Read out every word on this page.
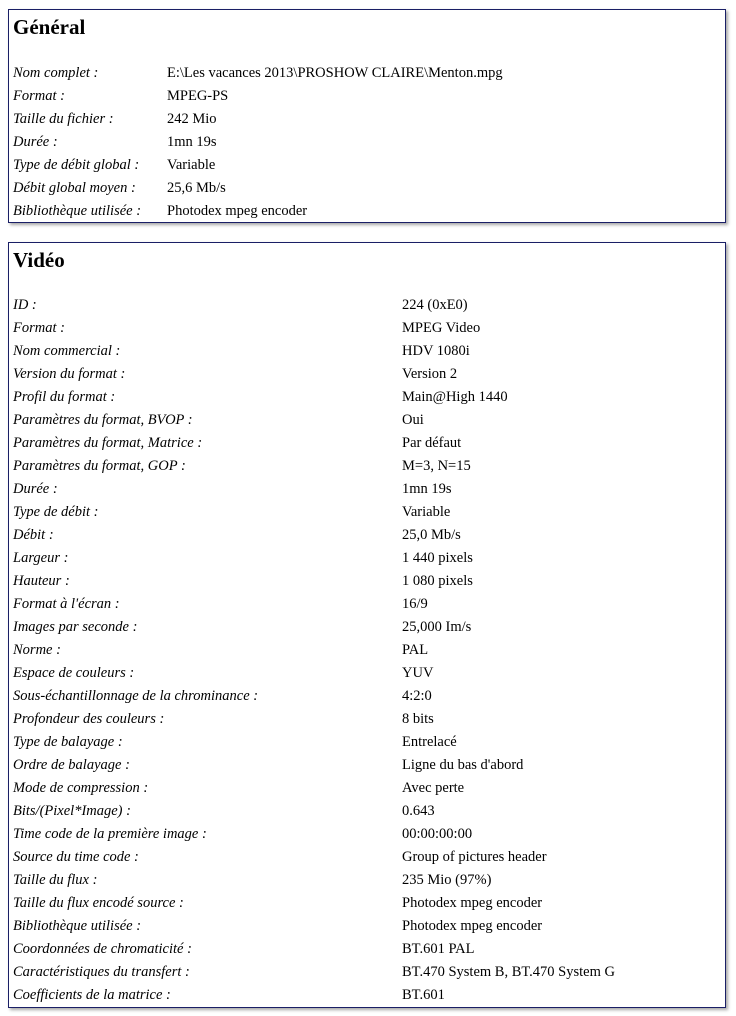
Général
Nom complet :	E:\Les vacances 2013\PROSHOW CLAIRE\Menton.mpg
Format :	MPEG-PS
Taille du fichier :	242 Mio
Durée :	1mn 19s
Type de débit global : Variable
Débit global moyen : 25,6 Mb/s
Bibliothèque utilisée : Photodex mpeg encoder
Vidéo
ID :	224 (0xE0)
Format :	MPEG Video
Nom commercial :	HDV 1080i
Version du format :	Version 2
Profil du format :	Main@High 1440
Paramètres du format, BVOP :	Oui
Paramètres du format, Matrice :	Par défaut
Paramètres du format, GOP :	M=3, N=15
Durée :	1mn 19s
Type de débit :	Variable
Débit :	25,0 Mb/s
Largeur :	1 440 pixels
Hauteur :	1 080 pixels
Format à l'écran :	16/9
Images par seconde :	25,000 Im/s
Norme :	PAL
Espace de couleurs :	YUV
Sous-échantillonnage de la chrominance :	4:2:0
Profondeur des couleurs :	8 bits
Type de balayage :	Entrelacé
Ordre de balayage :	Ligne du bas d'abord
Mode de compression :	Avec perte
Bits/(Pixel*Image) :	0.643
Time code de la première image :	00:00:00:00
Source du time code :	Group of pictures header
Taille du flux :	235 Mio (97%)
Taille du flux encodé source :	Photodex mpeg encoder
Bibliothèque utilisée :	Photodex mpeg encoder
Coordonnées de chromaticité :	BT.601 PAL
Caractéristiques du transfert :	BT.470 System B, BT.470 System G
Coefficients de la matrice :	BT.601
